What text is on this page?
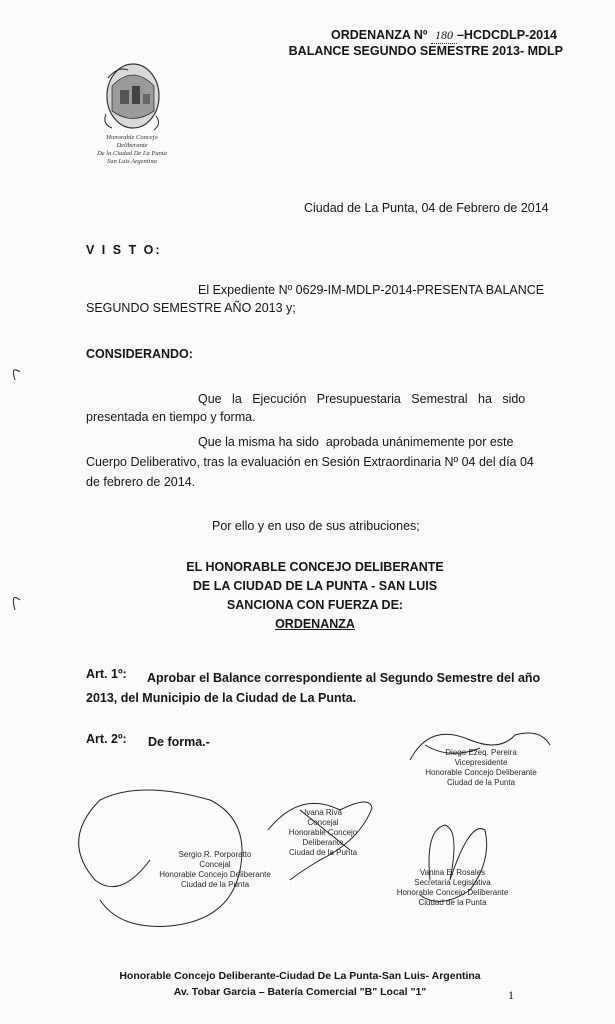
ORDENANZA Nº 180 –HCDCDLP-2014
BALANCE SEGUNDO SEMESTRE 2013- MDLP
Honorable Concejo Deliberante
De la Ciudad De La Punta
San Luis Argentina
Ciudad de La Punta, 04 de Febrero de 2014
V I S T O:
El Expediente Nº 0629-IM-MDLP-2014-PRESENTA BALANCE
SEGUNDO SEMESTRE AÑO 2013 y;
CONSIDERANDO:
Que   la   Ejecución   Presupuestaria   Semestral   ha   sido
presentada en tiempo y forma.
Que la misma ha sido  aprobada unánimemente por este
Cuerpo Deliberativo, tras la evaluación en Sesión Extraordinaria Nº 04 del día 04
de febrero de 2014.
Por ello y en uso de sus atribuciones;
EL HONORABLE CONCEJO DELIBERANTE
DE LA CIUDAD DE LA PUNTA - SAN LUIS
SANCIONA CON FUERZA DE:
ORDENANZA
Art. 1º: Aprobar el Balance correspondiente al Segundo Semestre del año
2013, del Municipio de la Ciudad de La Punta.
Art. 2º: De forma.-
Diego Ezeq. Pereira
Vicepresidente
Honorable Concejo Deliberante
Ciudad de la Punta
Ivana Riva
Concejal
Honorable Concejo Deliberante
Ciudad de la Punta
Sergio R. Porporatto
Concejal
Honorable Concejo Deliberante
Ciudad de la Punta
Vanina E. Rosales
Secretaria Legislativa
Honorable Concejo Deliberante
Ciudad de la Punta
Honorable Concejo Deliberante-Ciudad De La Punta-San Luis- Argentina
Av. Tobar Garcia – Batería Comercial "B" Local "1"	1
